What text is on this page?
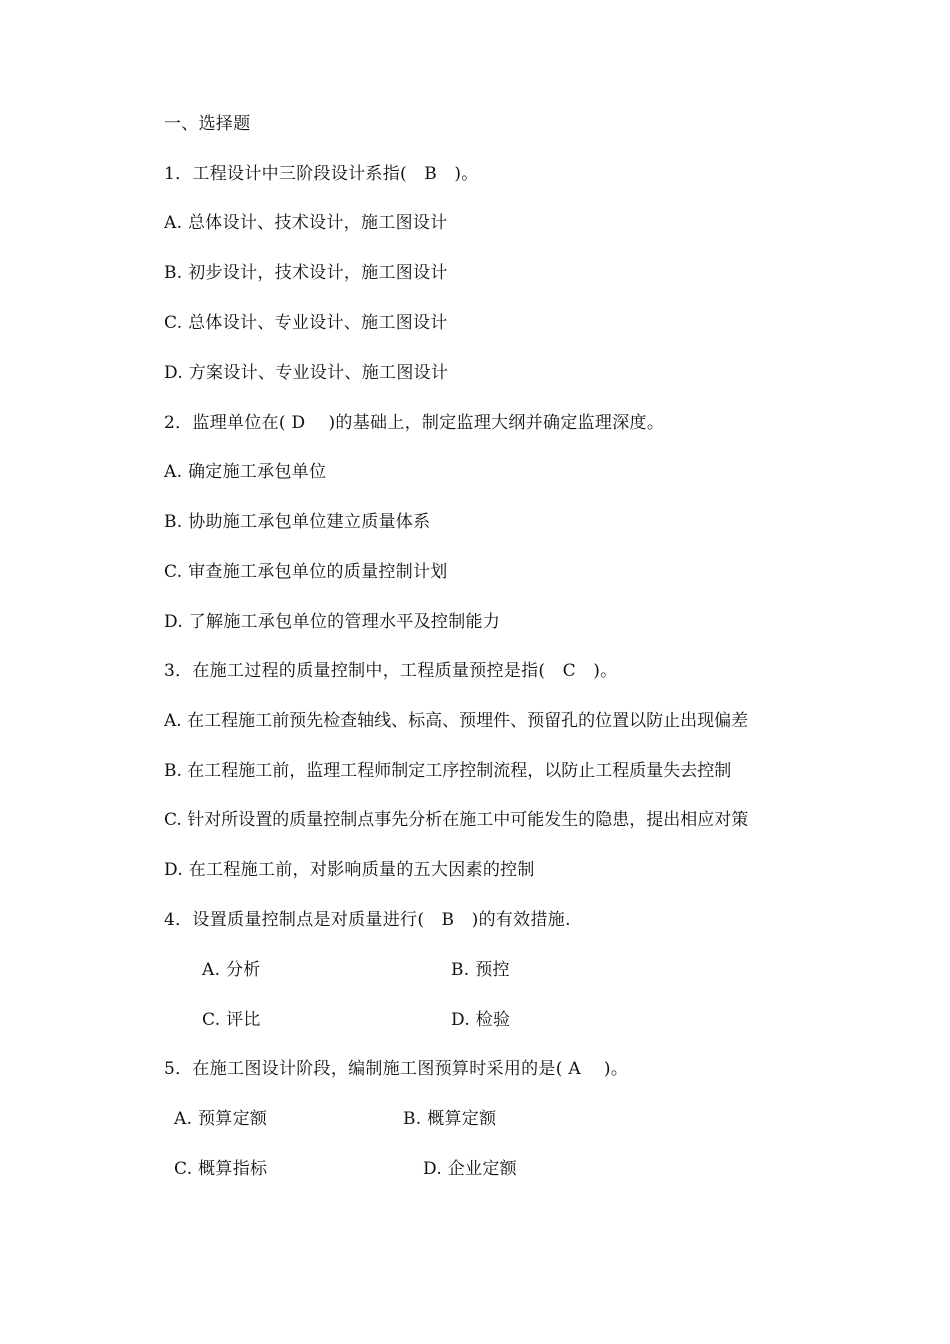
一、选择题
1．工程设计中三阶段设计系指(　B　)。
A. 总体设计、技术设计，施工图设计
B. 初步设计，技术设计，施工图设计
C. 总体设计、专业设计、施工图设计
D. 方案设计、专业设计、施工图设计
2．监理单位在( D　 )的基础上，制定监理大纲并确定监理深度。
A. 确定施工承包单位
B. 协助施工承包单位建立质量体系
C. 审查施工承包单位的质量控制计划
D. 了解施工承包单位的管理水平及控制能力
3．在施工过程的质量控制中，工程质量预控是指(　C　)。
A. 在工程施工前预先检查轴线、标高、预埋件、预留孔的位置以防止出现偏差
B. 在工程施工前，监理工程师制定工序控制流程，以防止工程质量失去控制
C. 针对所设置的质量控制点事先分析在施工中可能发生的隐患，提出相应对策
D. 在工程施工前，对影响质量的五大因素的控制
4．设置质量控制点是对质量进行(　B　)的有效措施.
A. 分析	B. 预控
C. 评比	D. 检验
5．在施工图设计阶段，编制施工图预算时采用的是( A　 )。
A. 预算定额	B. 概算定额
C. 概算指标	D. 企业定额
